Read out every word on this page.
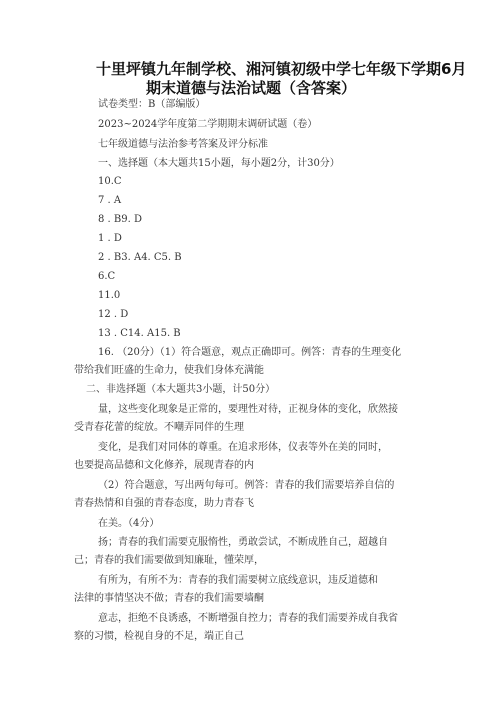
十里坪镇九年制学校、湘河镇初级中学七年级下学期6月
期末道德与法治试题（含答案）
试卷类型：B（部编版）
2023~2024学年度第二学期期末调研试题（卷）
七年级道德与法治参考答案及评分标准
一、选择题（本大题共15小题，每小题2分，计30分）
10.C
7 . A
8 . B9. D
1 . D
2 . B3. A4. C5. B
6.C
11.0
12 . D
13 . C14. A15. B
16. （20分）（1）符合题意，观点正确即可。例答：青春的生理变化
带给我们旺盛的生命力，使我们身体充满能
二、非选择题（本大题共3小题，计50分）
量，这些变化现象是正常的，要理性对待，正视身体的变化，欣然接
受青春花蕾的绽放。不嘲弄同伴的生理
变化，是我们对同体的尊重。在追求形体，仪表等外在美的同时，
也要提高品德和文化修养，展现青春的内
（2）符合题意，写出两句每可。例答：青春的我们需要培养自信的
青春热情和自强的青春态度，助力青春飞
在美。（4分）
扬；青春的我们需要克服惰性，勇敢尝试，不断成胜自己，超越自
己；青春的我们需要做到知廉耻，懂荣厚，
有所为，有所不为：青春的我们需要树立底线意识，违反道德和
法律的事情坚决不做；青春的我们需要墙酮
意志，拒绝不良诱惑，不断增强自控力；青春的我们需要养成自我省
察的习惯，检视自身的不足，端正自己
